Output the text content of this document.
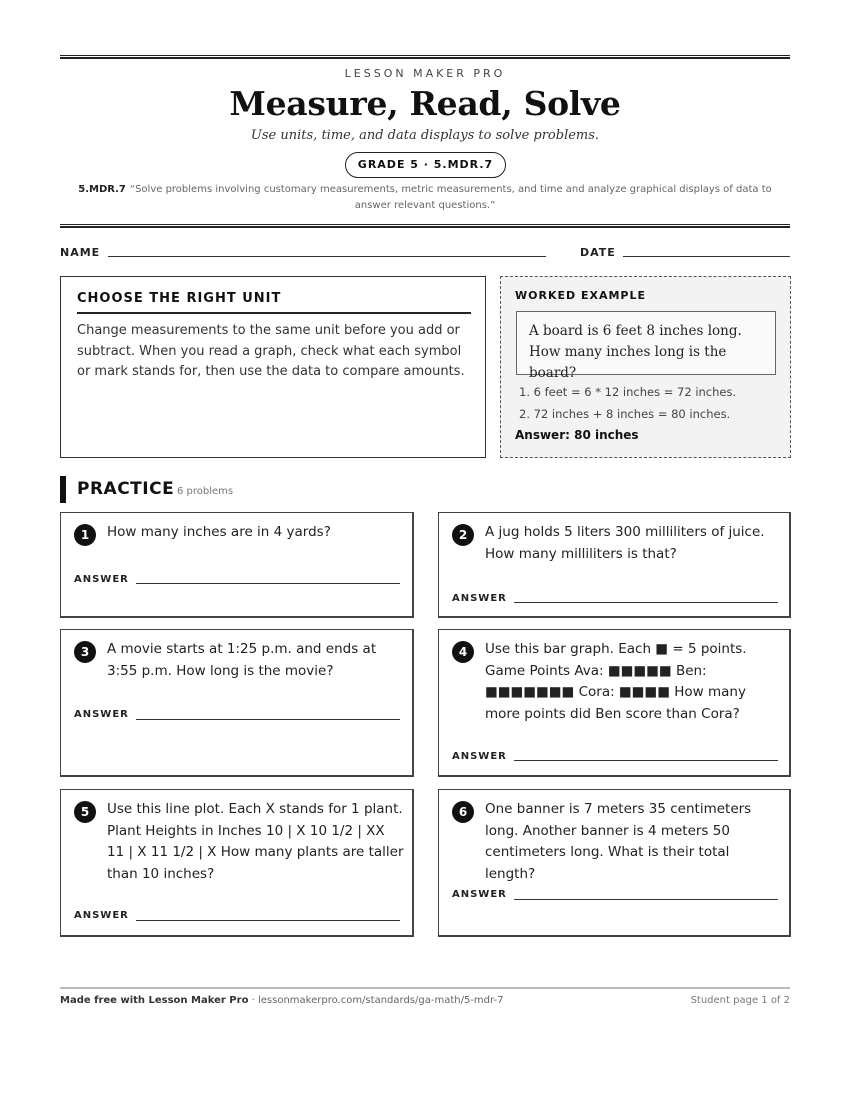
LESSON MAKER PRO
Measure, Read, Solve
Use units, time, and data displays to solve problems.
GRADE 5 · 5.MDR.7
5.MDR.7 “Solve problems involving customary measurements, metric measurements, and time and analyze graphical displays of data to answer relevant questions.”
NAME	DATE
CHOOSE THE RIGHT UNIT
Change measurements to the same unit before you add or subtract. When you read a graph, check what each symbol or mark stands for, then use the data to compare amounts.
WORKED EXAMPLE
A board is 6 feet 8 inches long. How many inches long is the board?
1. 6 feet = 6 * 12 inches = 72 inches.
2. 72 inches + 8 inches = 80 inches.
Answer: 80 inches
PRACTICE 6 problems
1	How many inches are in 4 yards?
ANSWER
2	A jug holds 5 liters 300 milliliters of juice. How many milliliters is that?
ANSWER
3	A movie starts at 1:25 p.m. and ends at 3:55 p.m. How long is the movie?
ANSWER
4	Use this bar graph. Each ■ = 5 points. Game Points Ava: ■■■■■ Ben: ■■■■■■■ Cora: ■■■■ How many more points did Ben score than Cora?
ANSWER
5	Use this line plot. Each X stands for 1 plant. Plant Heights in Inches 10 | X 10 1/2 | XX 11 | X 11 1/2 | X How many plants are taller than 10 inches?
ANSWER
6	One banner is 7 meters 35 centimeters long. Another banner is 4 meters 50 centimeters long. What is their total length?
ANSWER
Made free with Lesson Maker Pro · lessonmakerpro.com/standards/ga-math/5-mdr-7	Student page 1 of 2
